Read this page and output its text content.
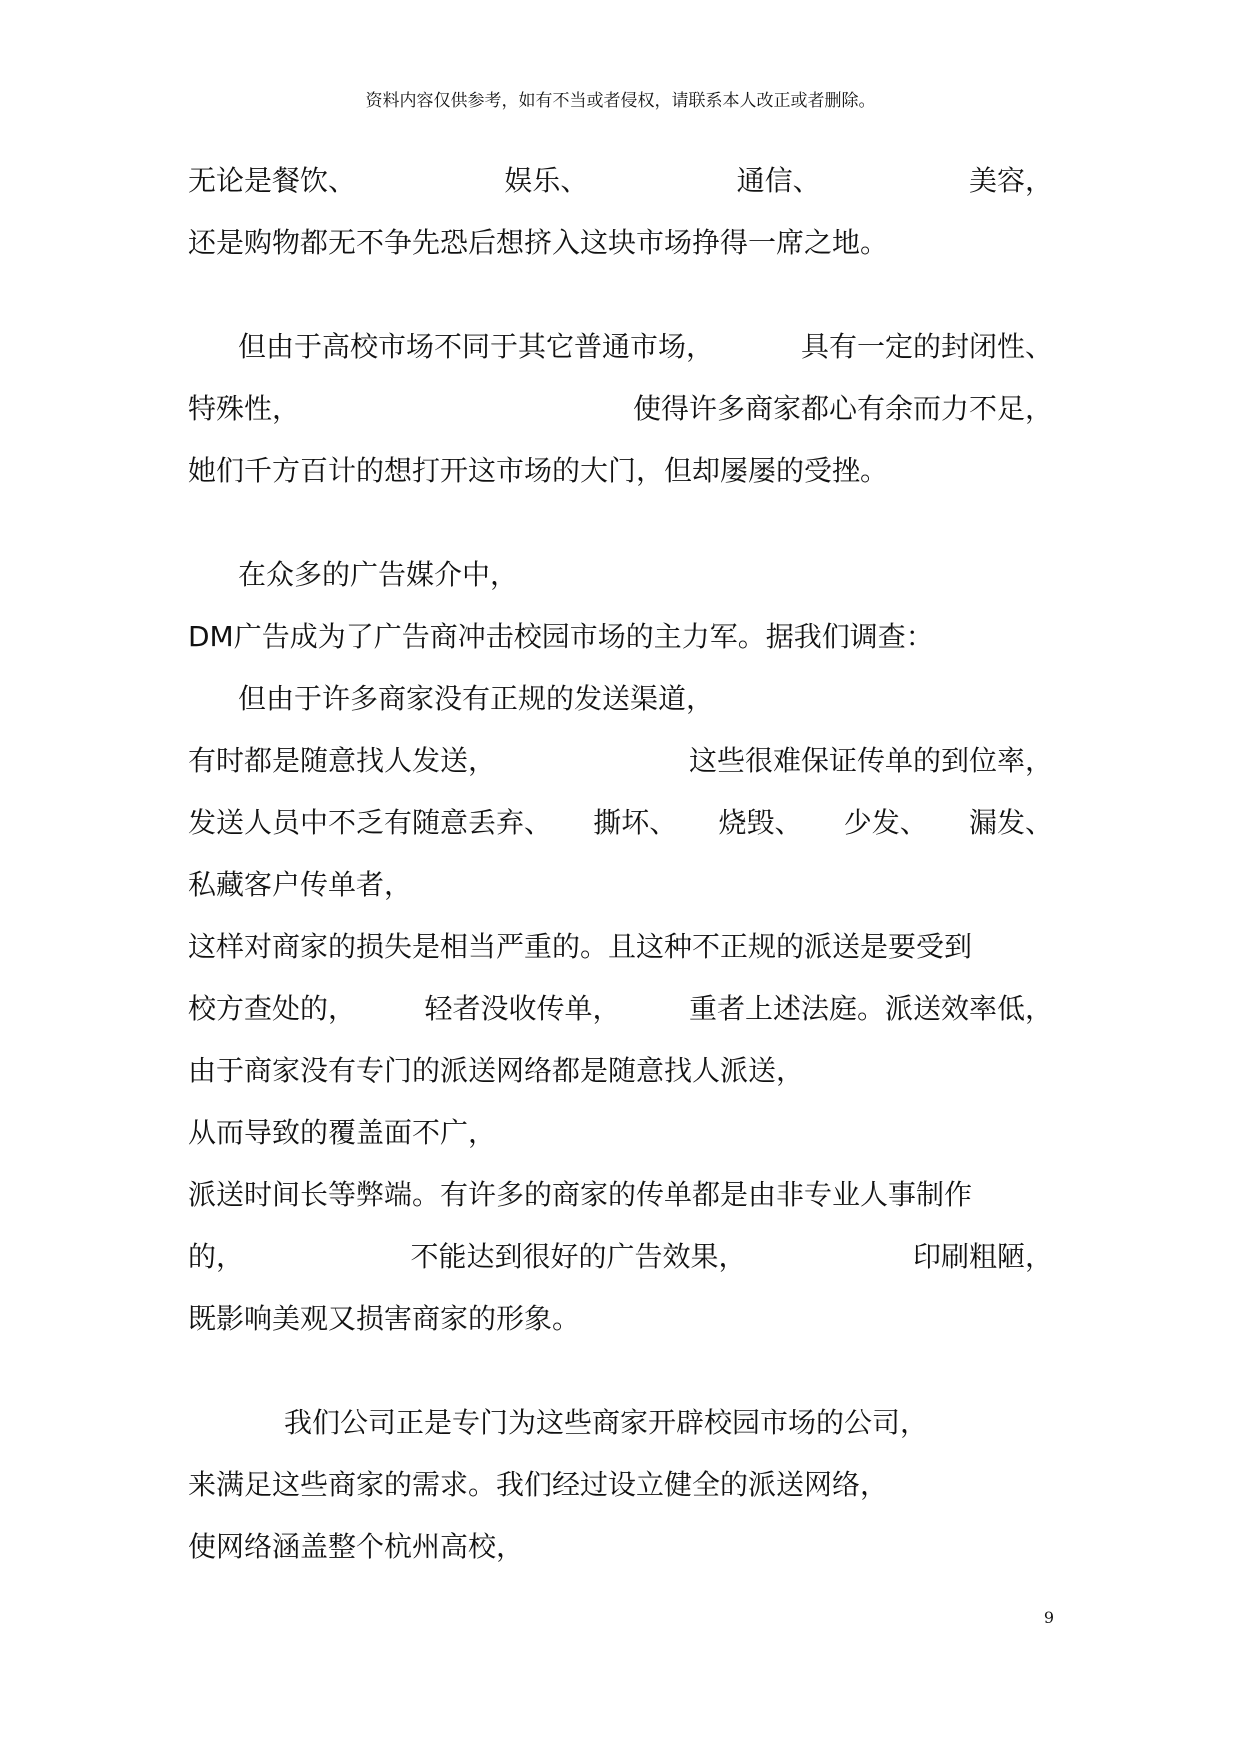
资料内容仅供参考，如有不当或者侵权，请联系本人改正或者删除。
无论是餐饮、	娱乐、	通信、	美容，
还是购物都无不争先恐后想挤入这块市场挣得一席之地。
但由于高校市场不同于其它普通市场，	具有一定的封闭性、
特殊性，	使得许多商家都心有余而力不足，
她们千方百计的想打开这市场的大门，但却屡屡的受挫。
在众多的广告媒介中，
DM广告成为了广告商冲击校园市场的主力军。据我们调查：
但由于许多商家没有正规的发送渠道，
有时都是随意找人发送，	这些很难保证传单的到位率，
发送人员中不乏有随意丢弃、 撕坏、 烧毁、 少发、 漏发、
私藏客户传单者，
这样对商家的损失是相当严重的。且这种不正规的派送是要受到
校方查处的， 轻者没收传单， 重者上述法庭。派送效率低，
由于商家没有专门的派送网络都是随意找人派送，
从而导致的覆盖面不广，
派送时间长等弊端。有许多的商家的传单都是由非专业人事制作
的，	不能达到很好的广告效果，	印刷粗陋，
既影响美观又损害商家的形象。
我们公司正是专门为这些商家开辟校园市场的公司，
来满足这些商家的需求。我们经过设立健全的派送网络，
使网络涵盖整个杭州高校，
9
